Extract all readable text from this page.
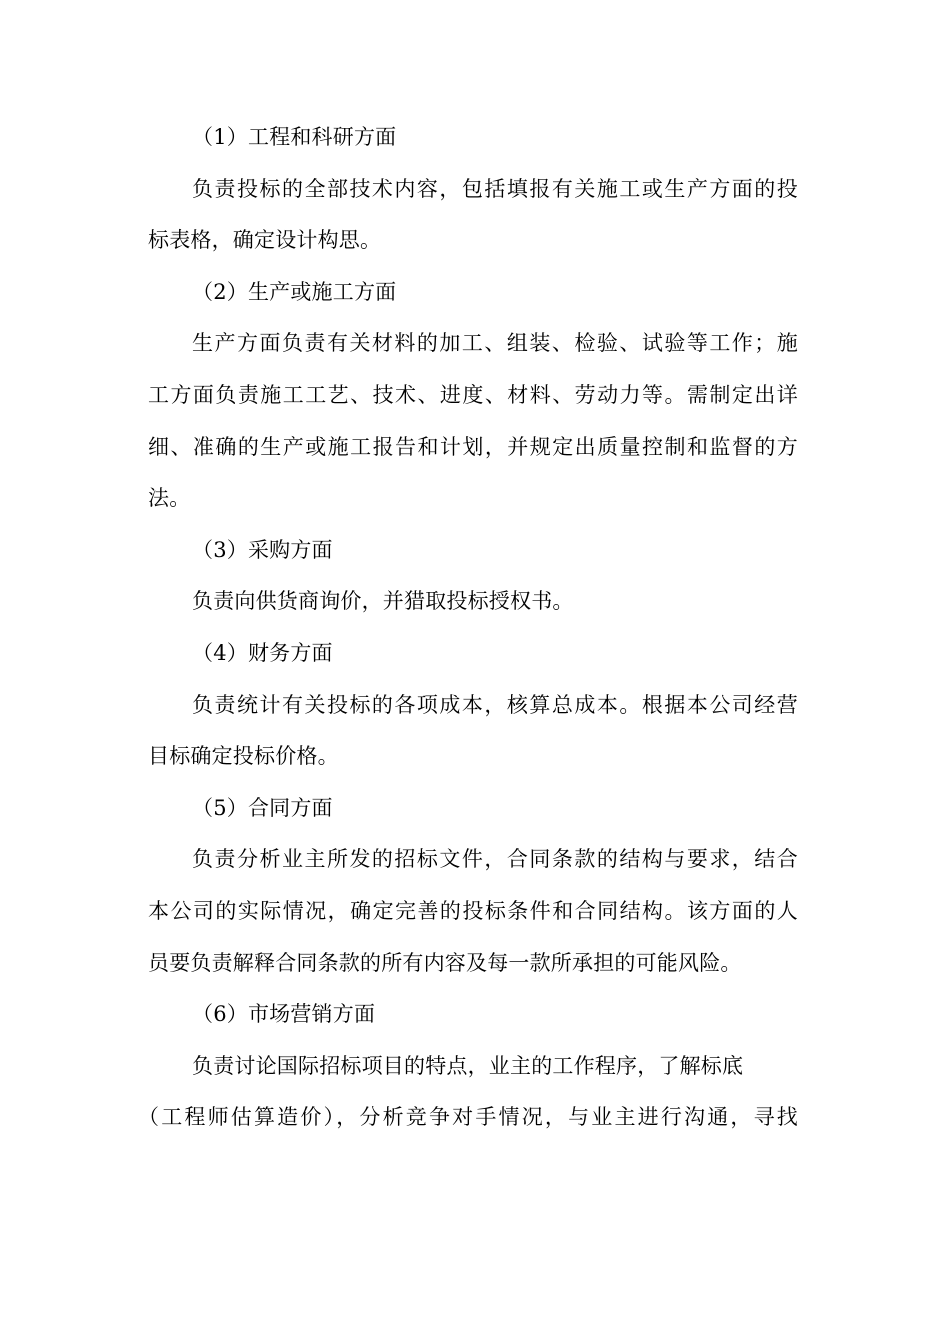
（1）工程和科研方面
负责投标的全部技术内容，包括填报有关施工或生产方面的投
标表格，确定设计构思。
（2）生产或施工方面
生产方面负责有关材料的加工、组装、检验、试验等工作；施
工方面负责施工工艺、技术、进度、材料、劳动力等。需制定出详
细、准确的生产或施工报告和计划，并规定出质量控制和监督的方
法。
（3）采购方面
负责向供货商询价，并猎取投标授权书。
（4）财务方面
负责统计有关投标的各项成本，核算总成本。根据本公司经营
目标确定投标价格。
（5）合同方面
负责分析业主所发的招标文件，合同条款的结构与要求，结合
本公司的实际情况，确定完善的投标条件和合同结构。该方面的人
员要负责解释合同条款的所有内容及每一款所承担的可能风险。
（6）市场营销方面
负责讨论国际招标项目的特点，业主的工作程序，了解标底
（工程师估算造价），分析竞争对手情况，与业主进行沟通，寻找
